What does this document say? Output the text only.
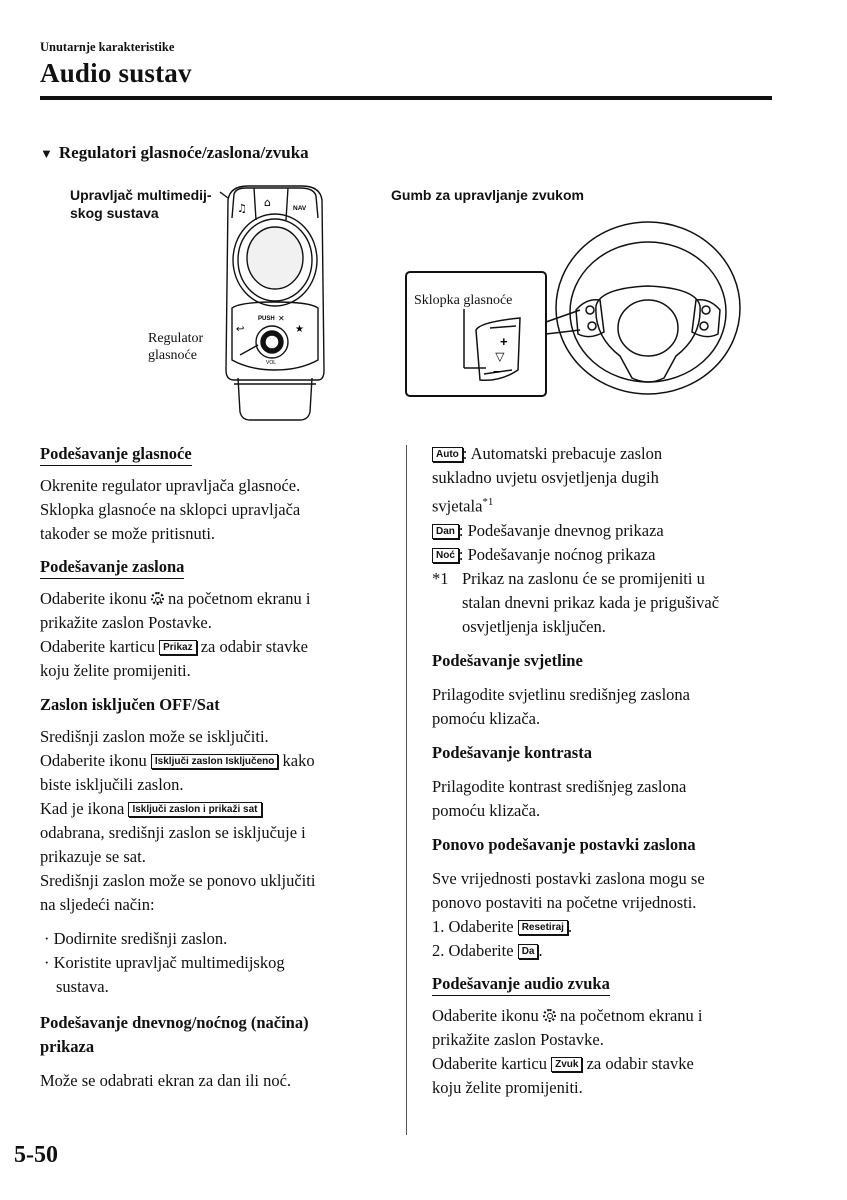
Unutarnje karakteristike
Audio sustav
▼ Regulatori glasnoće/zaslona/zvuka
Upravljač multimedij-
skog sustava
Regulator
glasnoće
♫ ⌂	NAV
PUSH ✕
↩	★
VOL
Gumb za upravljanje zvukom
◁
+
−
Sklopka glasnoće
Podešavanje glasnoće

Okrenite regulator upravljača glasnoće.

Sklopka glasnoće na sklopci upravljača

također se može pritisnuti.

Podešavanje zaslona

Odaberite ikonu na početnom ekranu i

prikažite zaslon Postavke.

Odaberite karticu Prikaz za odabir stavke

koju želite promijeniti.

Zaslon isključen OFF/Sat

Središnji zaslon može se isključiti.

Odaberite ikonu Isključi zaslon Isključeno kako

biste isključili zaslon.

Kad je ikona Isključi zaslon i prikaži sat

odabrana, središnji zaslon se isključuje i

prikazuje se sat.

Središnji zaslon može se ponovo uključiti

na sljedeći način:

· Dodirnite središnji zaslon.

· Koristite upravljač multimedijskog

sustava.

Podešavanje dnevnog/noćnog (načina)

prikaza

Može se odabrati ekran za dan ili noć.

Auto : Automatski prebacuje zaslon

sukladno uvjetu osvjetljenja dugih

svjetala$^{*1}$

Dan : Podešavanje dnevnog prikaza

Noć : Podešavanje noćnog prikaza

*1 Prikaz na zaslonu će se promijeniti u

stalan dnevni prikaz kada je prigušivač

osvjetljenja isključen.

Podešavanje svjetline

Prilagodite svjetlinu središnjeg zaslona

pomoću klizača.

Podešavanje kontrasta

Prilagodite kontrast središnjeg zaslona

pomoću klizača.

Ponovo podešavanje postavki zaslona

Sve vrijednosti postavki zaslona mogu se

ponovo postaviti na početne vrijednosti.

1. Odaberite Resetiraj .

2. Odaberite Da .

Podešavanje audio zvuka

Odaberite ikonu na početnom ekranu i

prikažite zaslon Postavke.

Odaberite karticu Zvuk za odabir stavke

koju želite promijeniti.

5-50
